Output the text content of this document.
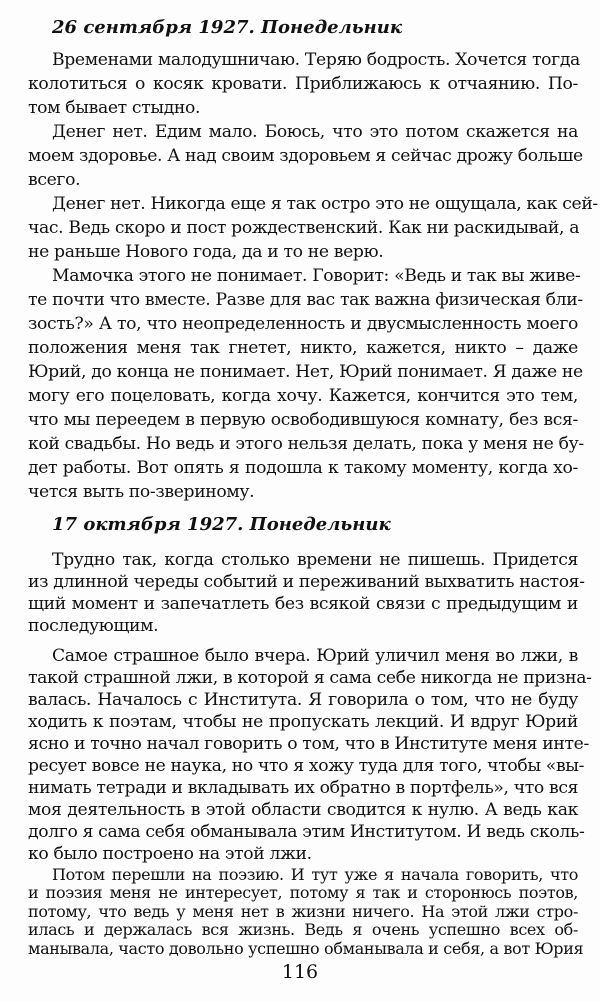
26 сентября 1927. Понедельник
Временами малодушничаю. Теряю бодрость. Хочется тогда
колотиться о косяк кровати. Приближаюсь к отчаянию. По-
том бывает стыдно.
Денег нет. Едим мало. Боюсь, что это потом скажется на
моем здоровье. А над своим здоровьем я сейчас дрожу больше
всего.
Денег нет. Никогда еще я так остро это не ощущала, как сей-
час. Ведь скоро и пост рождественский. Как ни раскидывай, а
не раньше Нового года, да и то не верю.
Мамочка этого не понимает. Говорит: «Ведь и так вы живе-
те почти что вместе. Разве для вас так важна физическая бли-
зость?» А то, что неопределенность и двусмысленность моего
положения меня так гнетет, никто, кажется, никто – даже
Юрий, до конца не понимает. Нет, Юрий понимает. Я даже не
могу его поцеловать, когда хочу. Кажется, кончится это тем,
что мы переедем в первую освободившуюся комнату, без вся-
кой свадьбы. Но ведь и этого нельзя делать, пока у меня не бу-
дет работы. Вот опять я подошла к такому моменту, когда хо-
чется выть по-звериному.
17 октября 1927. Понедельник
Трудно так, когда столько времени не пишешь. Придется
из длинной череды событий и переживаний выхватить настоя-
щий момент и запечатлеть без всякой связи с предыдущим и
последующим.
Самое страшное было вчера. Юрий уличил меня во лжи, в
такой страшной лжи, в которой я сама себе никогда не призна-
валась. Началось с Института. Я говорила о том, что не буду
ходить к поэтам, чтобы не пропускать лекций. И вдруг Юрий
ясно и точно начал говорить о том, что в Институте меня инте-
ресует вовсе не наука, но что я хожу туда для того, чтобы «вы-
нимать тетради и вкладывать их обратно в портфель», что вся
моя деятельность в этой области сводится к нулю. А ведь как
долго я сама себя обманывала этим Институтом. И ведь сколь-
ко было построено на этой лжи.
Потом перешли на поэзию. И тут уже я начала говорить, что
и поэзия меня не интересует, потому я так и сторонюсь поэтов,
потому, что ведь у меня нет в жизни ничего. На этой лжи стро-
116
илась и держалась вся жизнь. Ведь я очень успешно всех об-
манывала, часто довольно успешно обманывала и себя, а вот Юрия
